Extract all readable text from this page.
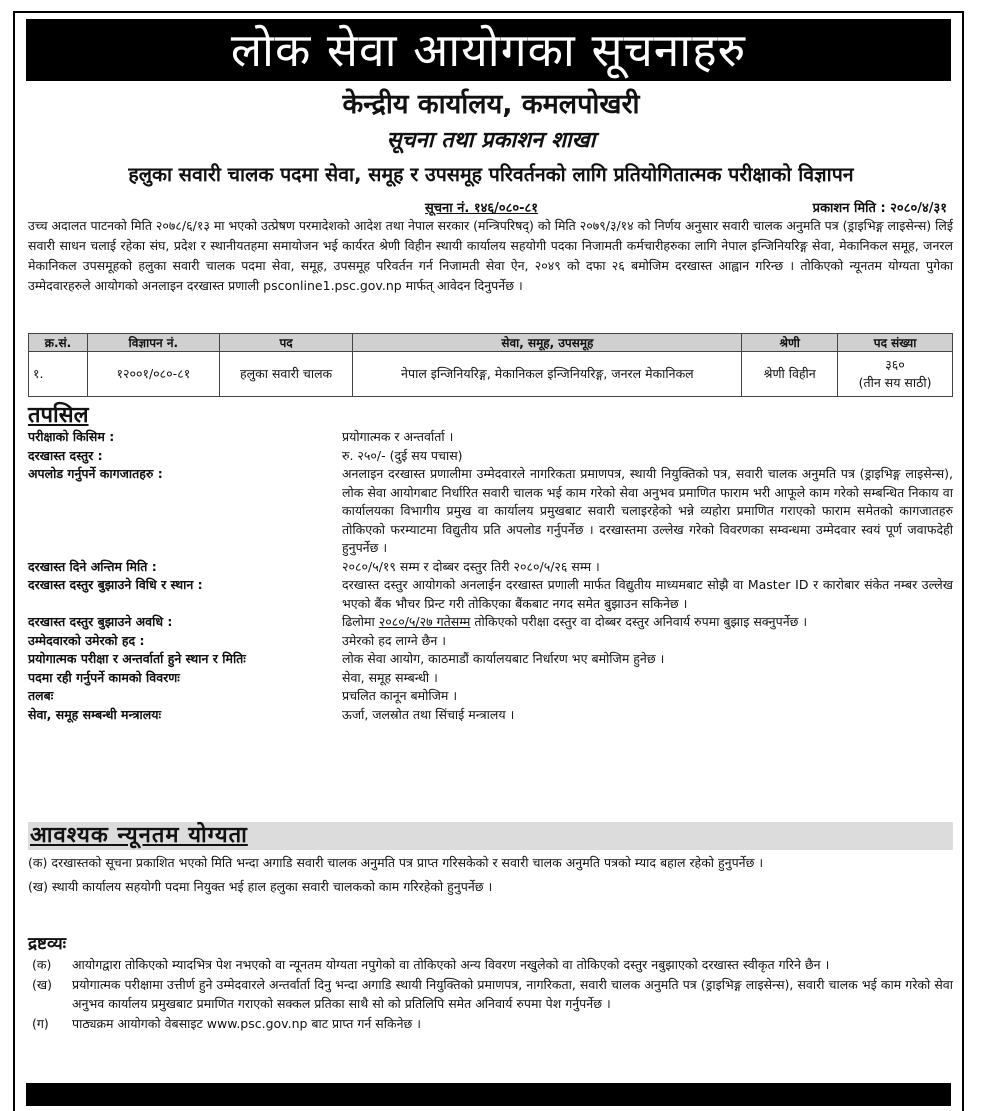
लोक सेवा आयोगका सूचनाहरु
केन्द्रीय कार्यालय, कमलपोखरी
सूचना तथा प्रकाशन शाखा
हलुका सवारी चालक पदमा सेवा, समूह र उपसमूह परिवर्तनको लागि प्रतियोगितात्मक परीक्षाको विज्ञापन
सूचना नं. १४६/०८०-८१	प्रकाशन मिति : २०८०/४/३१
उच्च अदालत पाटनको मिति २०७८/६/१३ मा भएको उत्प्रेषण परमादेशको आदेश तथा नेपाल सरकार (मन्त्रिपरिषद्) को मिति २०७९/३/१४ को निर्णय अनुसार सवारी चालक अनुमति पत्र (ड्राइभिङ्ग लाइसेन्स) लिई सवारी साधन चलाई रहेका संघ, प्रदेश र स्थानीयतहमा समायोजन भई कार्यरत श्रेणी विहीन स्थायी कार्यालय सहयोगी पदका निजामती कर्मचारीहरुका लागि नेपाल इन्जिनियरिङ्ग सेवा, मेकानिकल समूह, जनरल मेकानिकल उपसमूहको हलुका सवारी चालक पदमा सेवा, समूह, उपसमूह परिवर्तन गर्न निजामती सेवा ऐन, २०४९ को दफा २६ बमोजिम दरखास्त आह्वान गरिन्छ । तोकिएको न्यूनतम योग्यता पुगेका उम्मेदवारहरुले आयोगको अनलाइन दरखास्त प्रणाली psconline1.psc.gov.np मार्फत् आवेदन दिनुपर्नेछ ।
क्र.सं.	विज्ञापन नं.	पद	सेवा, समूह, उपसमूह	श्रेणी	पद संख्या
१.	१२००१/०८०-८१	हलुका सवारी चालक	नेपाल इन्जिनियरिङ्ग, मेकानिकल इन्जिनियरिङ्ग, जनरल मेकानिकल	श्रेणी विहीन	३६०
(तीन सय साठी)
तपसिल
परीक्षाको किसिम :	प्रयोगात्मक र अन्तर्वार्ता ।
दरखास्त दस्तुर :	रु. २५०/- (दुई सय पचास)
अपलोड गर्नुपर्ने कागजातहरु :	अनलाइन दरखास्त प्रणालीमा उम्मेदवारले नागरिकता प्रमाणपत्र, स्थायी नियुक्तिको पत्र, सवारी चालक अनुमति पत्र (ड्राइभिङ्ग लाइसेन्स), लोक सेवा आयोगबाट निर्धारित सवारी चालक भई काम गरेको सेवा अनुभव प्रमाणित फाराम भरी आफूले काम गरेको सम्बन्धित निकाय वा कार्यालयका विभागीय प्रमुख वा कार्यालय प्रमुखबाट सवारी चलाइरहेको भन्ने व्यहोरा प्रमाणित गराएको फाराम समेतको कागजातहरु तोकिएको फरम्याटमा विद्युतीय प्रति अपलोड गर्नुपर्नेछ । दरखास्तमा उल्लेख गरेको विवरणका सम्वन्धमा उम्मेदवार स्वयं पूर्ण जवाफदेही हुनुपर्नेछ ।
दरखास्त दिने अन्तिम मिति :	२०८०/५/१९ सम्म र दोब्बर दस्तुर तिरी २०८०/५/२६ सम्म ।
दरखास्त दस्तुर बुझाउने विधि र स्थान :	दरखास्त दस्तुर आयोगको अनलाईन दरखास्त प्रणाली मार्फत विद्युतीय माध्यमबाट सोझै वा Master ID र कारोबार संकेत नम्बर उल्लेख भएको बैंक भौचर प्रिन्ट गरी तोकिएका बैंकबाट नगद समेत बुझाउन सकिनेछ ।
दरखास्त दस्तुर बुझाउने अवधि :	ढिलोमा २०८०/५/२७ गतेसम्म तोकिएको परीक्षा दस्तुर वा दोब्बर दस्तुर अनिवार्य रुपमा बुझाइ सक्नुपर्नेछ ।
उम्मेदवारको उमेरको हद :	उमेरको हद लाग्ने छैन ।
प्रयोगात्मक परीक्षा र अन्तर्वार्ता हुने स्थान र मितिः	लोक सेवा आयोग, काठमाडौं कार्यालयबाट निर्धारण भए बमोजिम हुनेछ ।
पदमा रही गर्नुपर्ने कामको विवरणः	सेवा, समूह सम्बन्धी ।
तलबः	प्रचलित कानून बमोजिम ।
सेवा, समूह सम्बन्धी मन्त्रालयः	ऊर्जा, जलस्रोत तथा सिंचाई मन्त्रालय ।
आवश्यक न्यूनतम योग्यता
(क) दरखास्तको सूचना प्रकाशित भएको मिति भन्दा अगाडि सवारी चालक अनुमति पत्र प्राप्त गरिसकेको र सवारी चालक अनुमति पत्रको म्याद बहाल रहेको हुनुपर्नेछ ।
(ख) स्थायी कार्यालय सहयोगी पदमा नियुक्त भई हाल हलुका सवारी चालकको काम गरिरहेको हुनुपर्नेछ ।
द्रष्टव्यः
(क)	आयोगद्वारा तोकिएको म्यादभित्र पेश नभएको वा न्यूनतम योग्यता नपुगेको वा तोकिएको अन्य विवरण नखुलेको वा तोकिएको दस्तुर नबुझाएको दरखास्त स्वीकृत गरिने छैन ।
(ख)	प्रयोगात्मक परीक्षामा उत्तीर्ण हुने उम्मेदवारले अन्तर्वार्ता दिनु भन्दा अगाडि स्थायी नियुक्तिको प्रमाणपत्र, नागरिकता, सवारी चालक अनुमति पत्र (ड्राइभिङ्ग लाइसेन्स), सवारी चालक भई काम गरेको सेवा अनुभव कार्यालय प्रमुखबाट प्रमाणित गराएको सक्कल प्रतिका साथै सो को प्रतिलिपि समेत अनिवार्य रुपमा पेश गर्नुपर्नेछ ।
(ग)	पाठ्यक्रम आयोगको वेबसाइट www.psc.gov.np बाट प्राप्त गर्न सकिनेछ ।
